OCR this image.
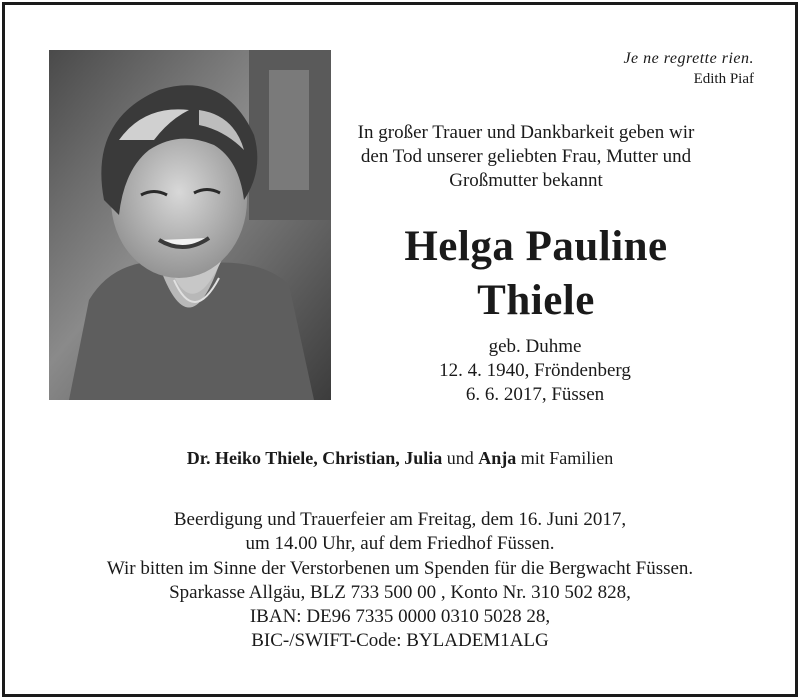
Je ne regrette rien.
Edith Piaf
In großer Trauer und Dankbarkeit geben wir
den Tod unserer geliebten Frau, Mutter und
Großmutter bekannt
Helga Pauline
Thiele
geb. Duhme
12. 4. 1940, Fröndenberg
6. 6. 2017, Füssen
Dr. Heiko Thiele, Christian, Julia und Anja mit Familien
Beerdigung und Trauerfeier am Freitag, dem 16. Juni 2017,
um 14.00 Uhr, auf dem Friedhof Füssen.
Wir bitten im Sinne der Verstorbenen um Spenden für die Bergwacht Füssen.
Sparkasse Allgäu, BLZ 733 500 00 , Konto Nr. 310 502 828,
IBAN: DE96 7335 0000 0310 5028 28,
BIC-/SWIFT-Code: BYLADEM1ALG
